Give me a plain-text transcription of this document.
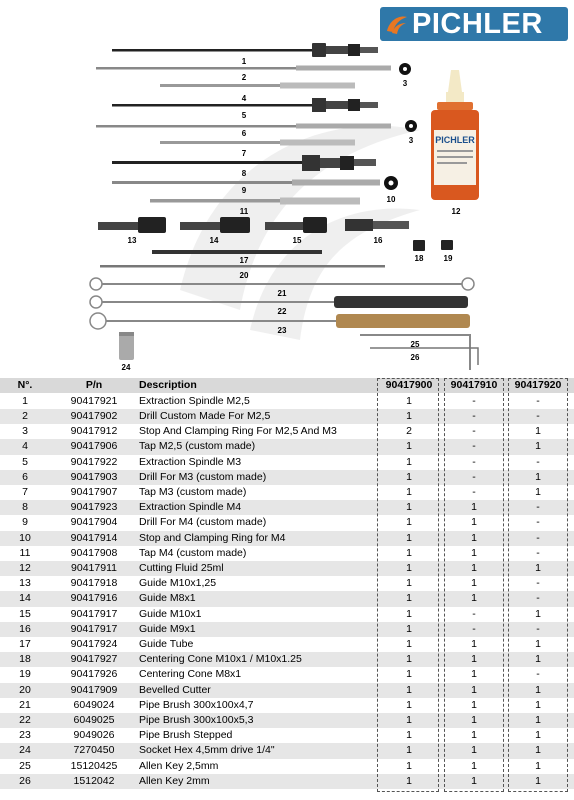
PICHLER
PICHLER
1
2
3
4
5
6
3
7
8
9
10
11	12
13	14	15	16
17	18	19
20
21
22
23
24
25
26
N°.	P/n	Description	90417900	90417910	90417920
1	90417921	Extraction Spindle M2,5	1	-	-
2	90417902	Drill Custom Made For M2,5	1	-	-
3	90417912	Stop And Clamping Ring For M2,5 And M3	2	-	1
4	90417906	Tap M2,5 (custom made)	1	-	1
5	90417922	Extraction Spindle M3	1	-	-
6	90417903	Drill For M3 (custom made)	1	-	1
7	90417907	Tap M3 (custom made)	1	-	1
8	90417923	Extraction Spindle M4	1	1	-
9	90417904	Drill For M4 (custom made)	1	1	-
10	90417914	Stop and Clamping Ring for M4	1	1	-
11	90417908	Tap M4 (custom made)	1	1	-
12	90417911	Cutting Fluid 25ml	1	1	1
13	90417918	Guide M10x1,25	1	1	-
14	90417916	Guide M8x1	1	1	-
15	90417917	Guide M10x1	1	-	1
16	90417917	Guide M9x1	1	-	-
17	90417924	Guide Tube	1	1	1
18	90417927	Centering Cone M10x1 / M10x1.25	1	1	1
19	90417926	Centering Cone M8x1	1	1	-
20	90417909	Bevelled Cutter	1	1	1
21	6049024	Pipe Brush 300x100x4,7	1	1	1
22	6049025	Pipe Brush 300x100x5,3	1	1	1
23	9049026	Pipe Brush Stepped	1	1	1
24	7270450	Socket Hex 4,5mm drive 1/4"	1	1	1
25	15120425	Allen Key 2,5mm	1	1	1
26	1512042	Allen Key 2mm	1	1	1
